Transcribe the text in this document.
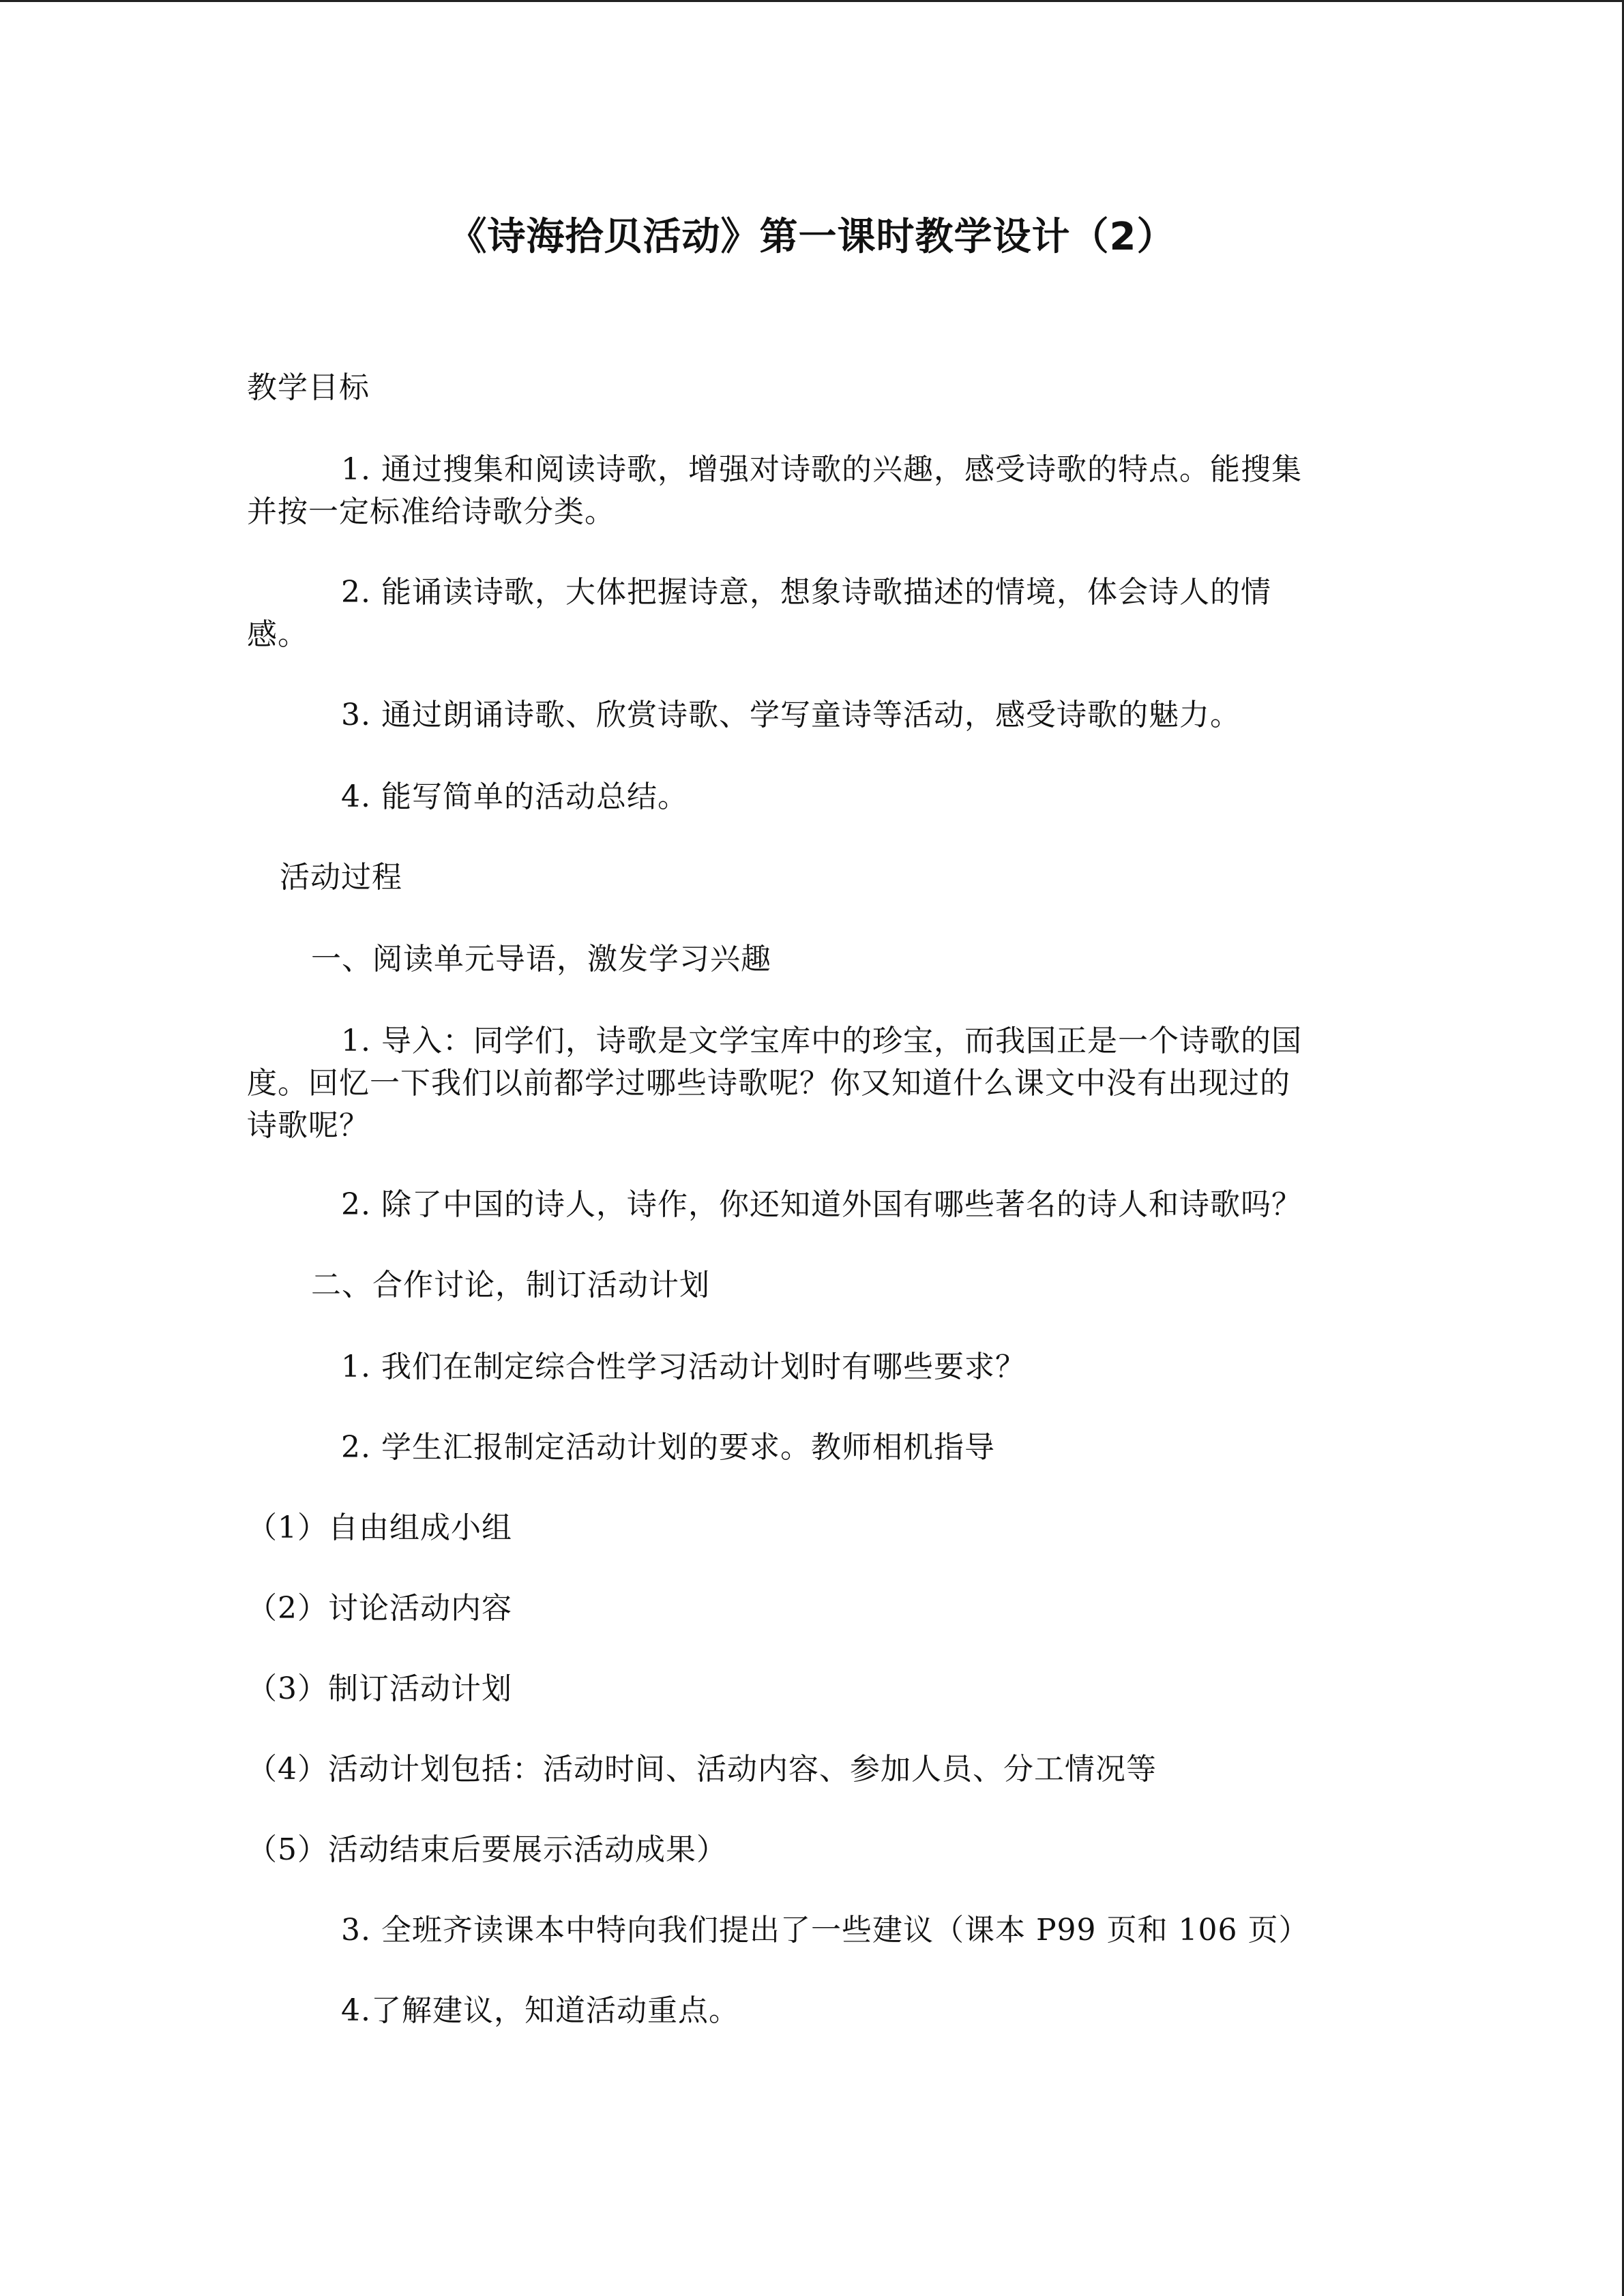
《诗海拾贝活动》第一课时教学设计（2）
教学目标
1. 通过搜集和阅读诗歌，增强对诗歌的兴趣，感受诗歌的特点。能搜集
并按一定标准给诗歌分类。
2. 能诵读诗歌，大体把握诗意，想象诗歌描述的情境，体会诗人的情
感。
3. 通过朗诵诗歌、欣赏诗歌、学写童诗等活动，感受诗歌的魅力。
4. 能写简单的活动总结。
活动过程
一、阅读单元导语，激发学习兴趣
1. 导入：同学们，诗歌是文学宝库中的珍宝，而我国正是一个诗歌的国
度。回忆一下我们以前都学过哪些诗歌呢？你又知道什么课文中没有出现过的
诗歌呢？
2. 除了中国的诗人，诗作，你还知道外国有哪些著名的诗人和诗歌吗？
二、合作讨论，制订活动计划
1. 我们在制定综合性学习活动计划时有哪些要求？
2. 学生汇报制定活动计划的要求。教师相机指导
（1）自由组成小组
（2）讨论活动内容
（3）制订活动计划
（4）活动计划包括：活动时间、活动内容、参加人员、分工情况等
（5）活动结束后要展示活动成果）
3. 全班齐读课本中特向我们提出了一些建议（课本 P99 页和 106 页）
4.了解建议，知道活动重点。
